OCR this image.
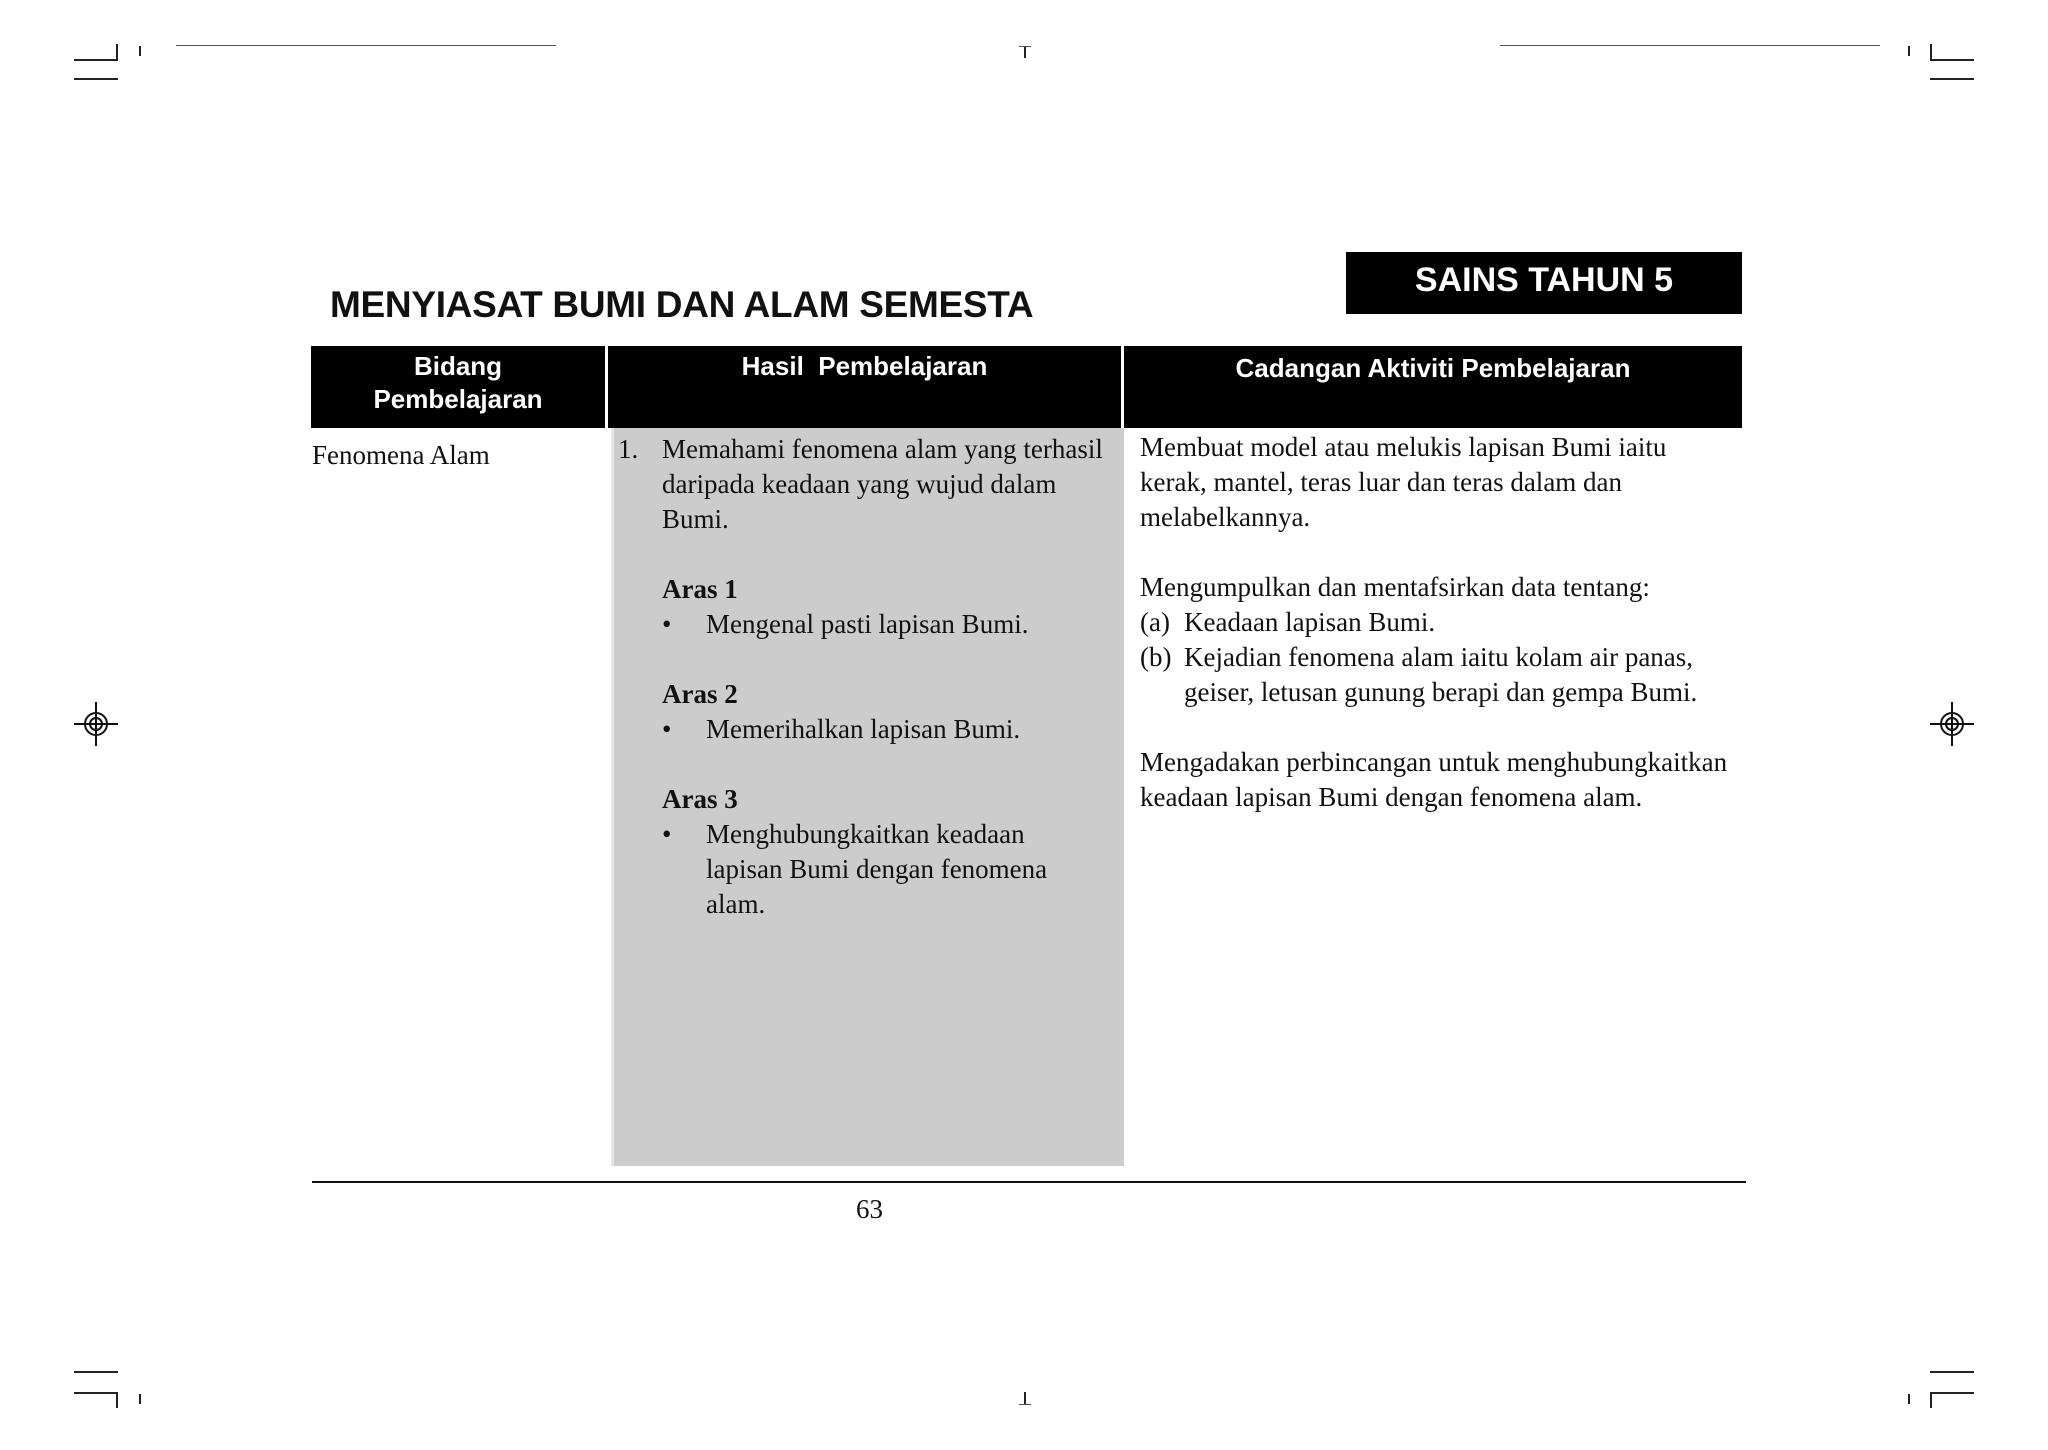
SAINS TAHUN 5
MENYIASAT BUMI DAN ALAM SEMESTA
Bidang
Pembelajaran
Hasil  Pembelajaran	Cadangan Aktiviti Pembelajaran
Fenomena Alam	1. Memahami fenomena alam yang terhasil daripada keadaan yang wujud dalam Bumi.
Aras 1
• Mengenal pasti lapisan Bumi.
Aras 2
• Memerihalkan lapisan Bumi.
Aras 3
• Menghubungkaitkan keadaan lapisan Bumi dengan fenomena alam.
Membuat model atau melukis lapisan Bumi iaitu kerak, mantel, teras luar dan teras dalam dan melabelkannya.
Mengumpulkan dan mentafsirkan data tentang:
(a) Keadaan lapisan Bumi.
(b) Kejadian fenomena alam iaitu kolam air panas, geiser, letusan gunung berapi dan gempa Bumi.
Mengadakan perbincangan untuk menghubungkaitkan keadaan lapisan Bumi dengan fenomena alam.
63
